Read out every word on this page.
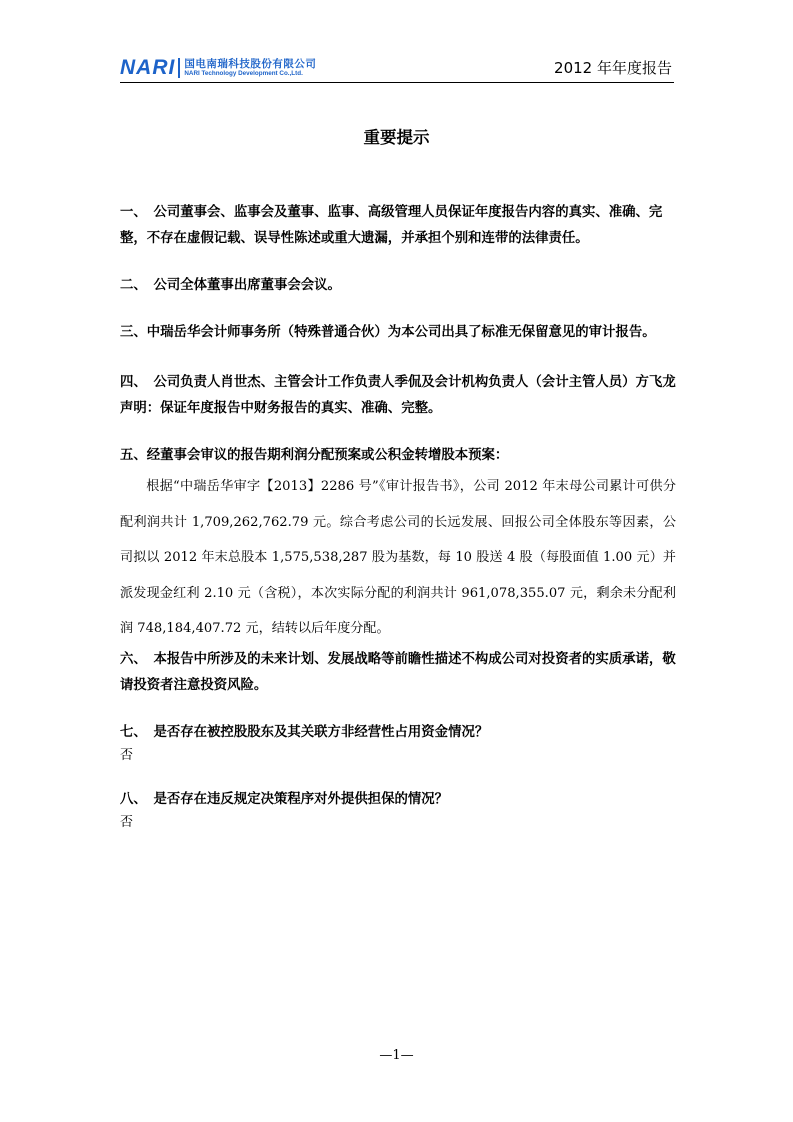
NARI 国电南瑞科技股份有限公司
NARI Technology Development Co.,Ltd.	2012 年年度报告
重要提示

一、　公司董事会、监事会及董事、监事、高级管理人员保证年度报告内容的真实、准确、完整，不存在虚假记载、误导性陈述或重大遗漏，并承担个别和连带的法律责任。

二、　公司全体董事出席董事会会议。

三、中瑞岳华会计师事务所（特殊普通合伙）为本公司出具了标准无保留意见的审计报告。

四、　公司负责人肖世杰、主管会计工作负责人季侃及会计机构负责人（会计主管人员）方飞龙声明：保证年度报告中财务报告的真实、准确、完整。

五、经董事会审议的报告期利润分配预案或公积金转增股本预案：

根据“中瑞岳华审字【2013】2286 号”《审计报告书》，公司 2012 年末母公司累计可供分配利润共计 1,709,262,762.79 元。综合考虑公司的长远发展、回报公司全体股东等因素，公司拟以 2012 年末总股本 1,575,538,287 股为基数，每 10 股送 4 股（每股面值 1.00 元）并派发现金红利 2.10 元（含税），本次实际分配的利润共计 961,078,355.07 元，剩余未分配利润 748,184,407.72 元，结转以后年度分配。

六、　本报告中所涉及的未来计划、发展战略等前瞻性描述不构成公司对投资者的实质承诺，敬请投资者注意投资风险。

七、　是否存在被控股股东及其关联方非经营性占用资金情况？

否

八、　是否存在违反规定决策程序对外提供担保的情况？

否

—1—
